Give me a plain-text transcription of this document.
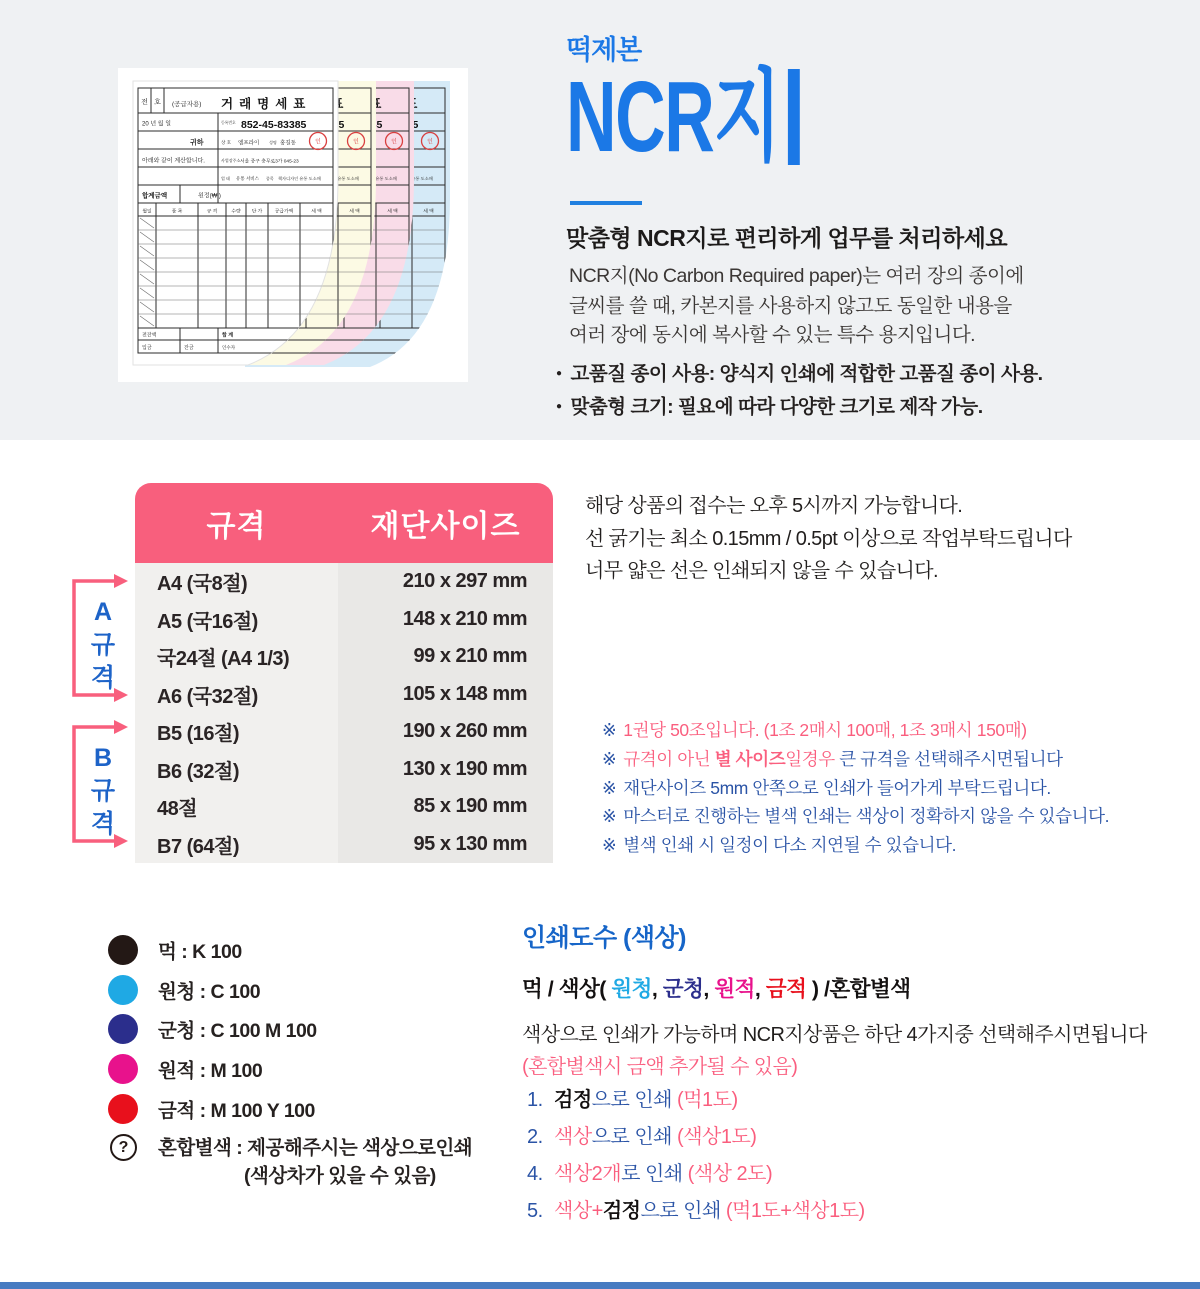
떡제본
NCR지
맞춤형 NCR지로 편리하게 업무를 처리하세요
NCR지(No Carbon Required paper)는 여러 장의 종이에
글씨를 쓸 때, 카본지를 사용하지 않고도 동일한 내용을
여러 장에 동시에 복사할 수 있는 특수 용지입니다.
● 고품질 종이 사용: 양식지 인쇄에 적합한 고품질 종이 사용.
● 맞춤형 크기: 필요에 따라 다양한 크기로 제작 가능.
규격	재단사이즈
A4 (국8절)	210 x 297 mm
A5 (국16절)	148 x 210 mm
국24절 (A4 1/3)	99 x 210 mm
A6 (국32절)	105 x 148 mm
B5 (16절)	190 x 260 mm
B6 (32절)	130 x 190 mm
48절	85 x 190 mm
B7 (64절)	95 x 130 mm
A규격
B규격
해당 상품의 접수는 오후 5시까지 가능합니다.
선 굵기는 최소 0.15mm / 0.5pt 이상으로 작업부탁드립니다
너무 얇은 선은 인쇄되지 않을 수 있습니다.
※ 1권당 50조입니다. (1조 2매시 100매, 1조 3매시 150매)
※ 규격이 아닌 별 사이즈일경우 큰 규격을 선택해주시면됩니다
※ 재단사이즈 5mm 안쪽으로 인쇄가 들어가게 부탁드립니다.
※ 마스터로 진행하는 별색 인쇄는 색상이 정확하지 않을 수 있습니다.
※ 별색 인쇄 시 일정이 다소 지연될 수 있습니다.
먹 : K 100
원청 : C 100
군청 : C 100 M 100
원적 : M 100
금적 : M 100 Y 100
?	혼합별색 : 제공해주시는 색상으로인쇄
(색상차가 있을 수 있음)
인쇄도수 (색상)
먹 / 색상( 원청, 군청, 원적, 금적 ) /혼합별색
색상으로 인쇄가 가능하며 NCR지상품은 하단 4가지중 선택해주시면됩니다
(혼합별색시 금액 추가될 수 있음)
1. 검정으로 인쇄 (먹1도)
2. 색상으로 인쇄 (색상1도)
4. 색상2개로 인쇄 (색상 2도)
5. 색상+검정으로 인쇄 (먹1도+색상1도)
